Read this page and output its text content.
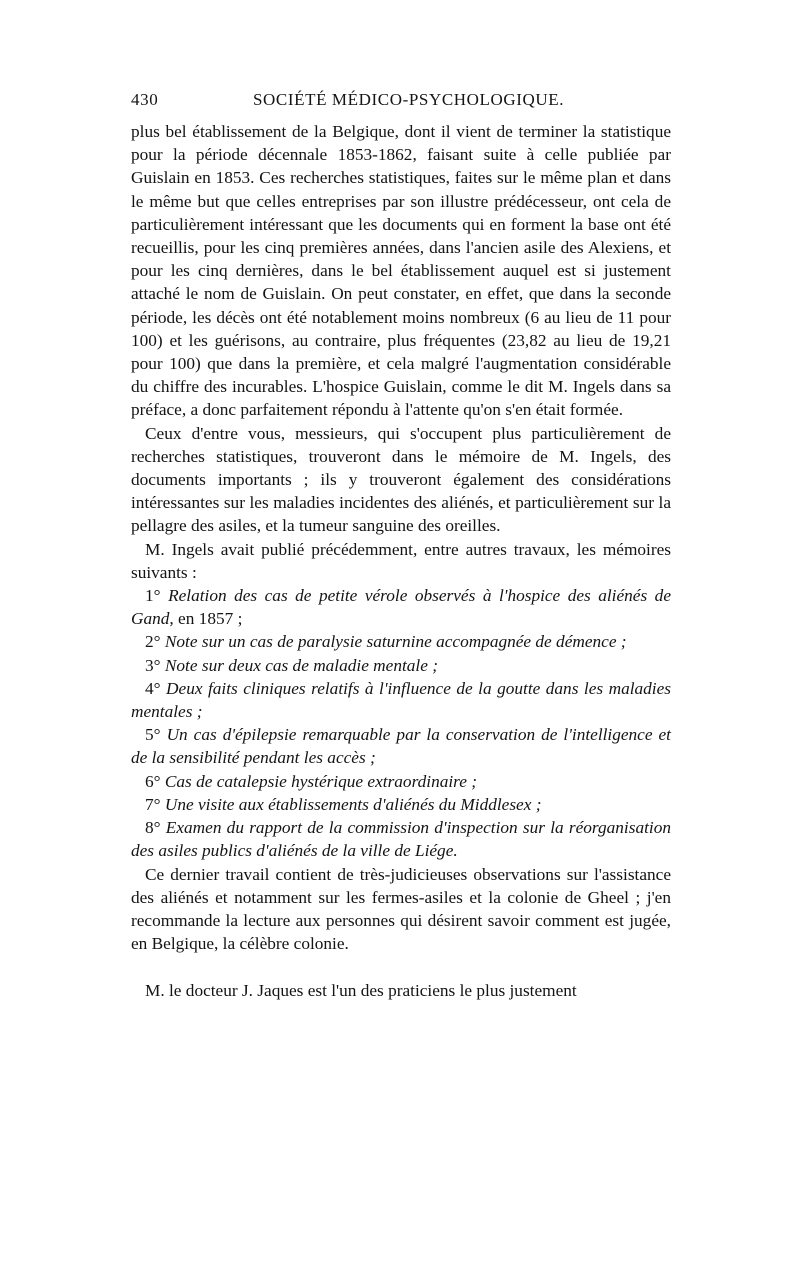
430	SOCIÉTÉ MÉDICO-PSYCHOLOGIQUE.

plus bel établissement de la Belgique, dont il vient de terminer la statistique pour la période décennale 1853-1862, faisant suite à celle publiée par Guislain en 1853. Ces recherches statistiques, faites sur le même plan et dans le même but que celles entreprises par son illustre prédécesseur, ont cela de particulièrement intéressant que les documents qui en forment la base ont été recueillis, pour les cinq premières années, dans l'ancien asile des Alexiens, et pour les cinq dernières, dans le bel établissement auquel est si justement attaché le nom de Guislain. On peut constater, en effet, que dans la seconde période, les décès ont été notablement moins nombreux (6 au lieu de 11 pour 100) et les guérisons, au contraire, plus fréquentes (23,82 au lieu de 19,21 pour 100) que dans la première, et cela malgré l'augmentation considérable du chiffre des incurables. L'hospice Guislain, comme le dit M. Ingels dans sa préface, a donc parfaitement répondu à l'attente qu'on s'en était formée.

Ceux d'entre vous, messieurs, qui s'occupent plus particulièrement de recherches statistiques, trouveront dans le mémoire de M. Ingels, des documents importants ; ils y trouveront également des considérations intéressantes sur les maladies incidentes des aliénés, et particulièrement sur la pellagre des asiles, et la tumeur sanguine des oreilles.

M. Ingels avait publié précédemment, entre autres travaux, les mémoires suivants :

1° Relation des cas de petite vérole observés à l'hospice des aliénés de Gand, en 1857 ;

2° Note sur un cas de paralysie saturnine accompagnée de démence ;

3° Note sur deux cas de maladie mentale ;

4° Deux faits cliniques relatifs à l'influence de la goutte dans les maladies mentales ;

5° Un cas d'épilepsie remarquable par la conservation de l'intelligence et de la sensibilité pendant les accès ;

6° Cas de catalepsie hystérique extraordinaire ;

7° Une visite aux établissements d'aliénés du Middlesex ;

8° Examen du rapport de la commission d'inspection sur la réorganisation des asiles publics d'aliénés de la ville de Liége.

Ce dernier travail contient de très-judicieuses observations sur l'assistance des aliénés et notamment sur les fermes-asiles et la colonie de Gheel ; j'en recommande la lecture aux personnes qui désirent savoir comment est jugée, en Belgique, la célèbre colonie.

M. le docteur J. Jaques est l'un des praticiens le plus justement
